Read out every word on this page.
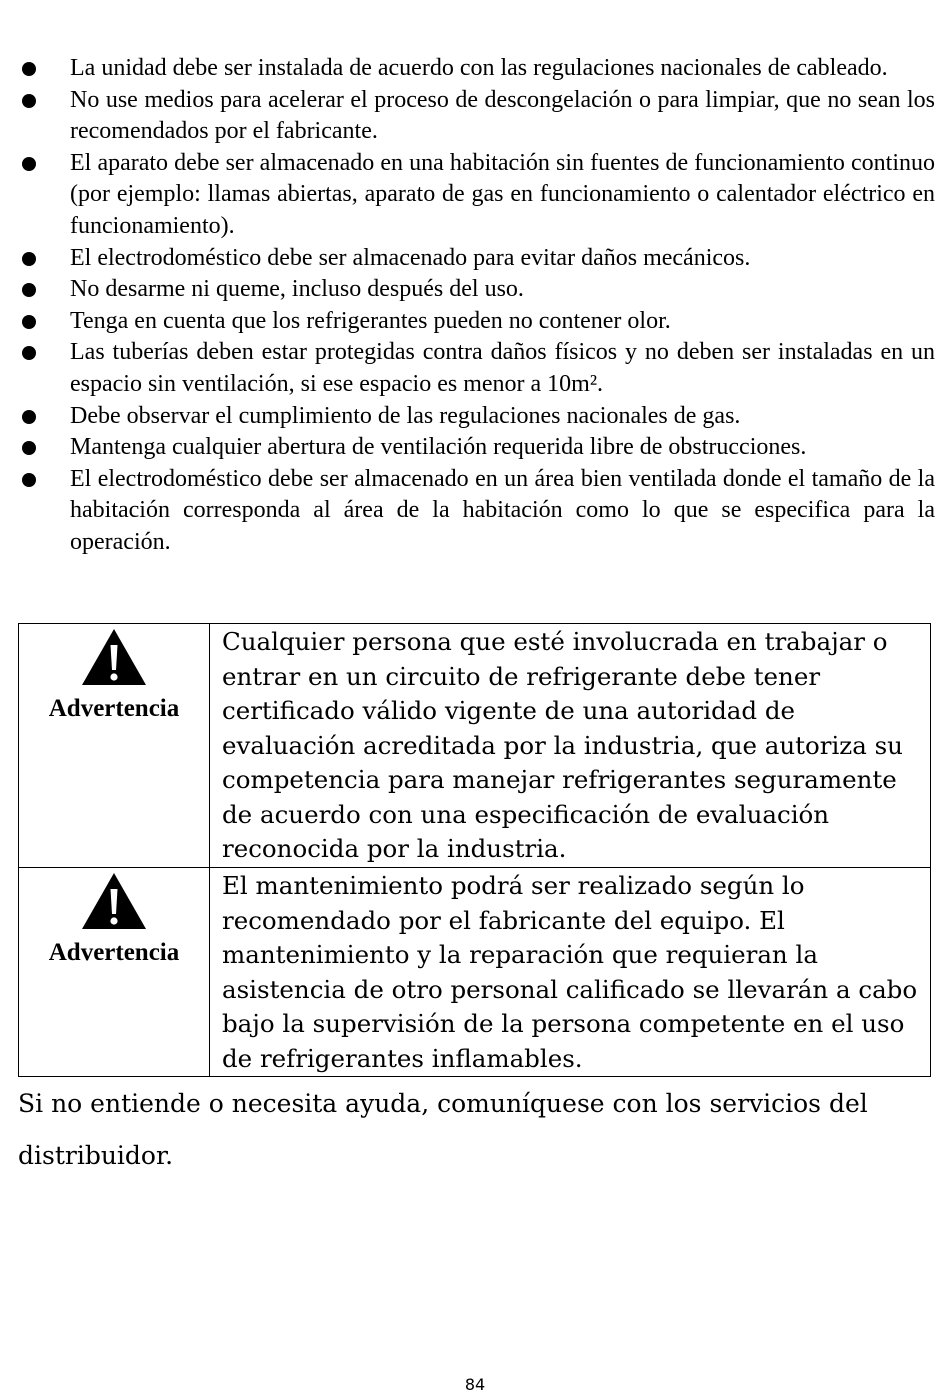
La unidad debe ser instalada de acuerdo con las regulaciones nacionales de cableado.
No use medios para acelerar el proceso de descongelación o para limpiar, que no sean los recomendados por el fabricante.
El aparato debe ser almacenado en una habitación sin fuentes de funcionamiento continuo (por ejemplo: llamas abiertas, aparato de gas en funcionamiento o calentador eléctrico en funcionamiento).
El electrodoméstico debe ser almacenado para evitar daños mecánicos.
No desarme ni queme, incluso después del uso.
Tenga en cuenta que los refrigerantes pueden no contener olor.
Las tuberías deben estar protegidas contra daños físicos y no deben ser instaladas en un espacio sin ventilación, si ese espacio es menor a 10m².
Debe observar el cumplimiento de las regulaciones nacionales de gas.
Mantenga cualquier abertura de ventilación requerida libre de obstrucciones.
El electrodoméstico debe ser almacenado en un área bien ventilada donde el tamaño de la habitación corresponda al área de la habitación como lo que se especifica para la operación.
Advertencia	Cualquier persona que esté involucrada en trabajar o entrar en un circuito de refrigerante debe tener certificado válido vigente de una autoridad de evaluación acreditada por la industria, que autoriza su competencia para manejar refrigerantes seguramente de acuerdo con una especificación de evaluación reconocida por la industria.

Advertencia	El mantenimiento podrá ser realizado según lo recomendado por el fabricante del equipo. El mantenimiento y la reparación que requieran la asistencia de otro personal calificado se llevarán a cabo bajo la supervisión de la persona competente en el uso de refrigerantes inflamables.
Si no entiende o necesita ayuda, comuníquese con los servicios del distribuidor.
84
